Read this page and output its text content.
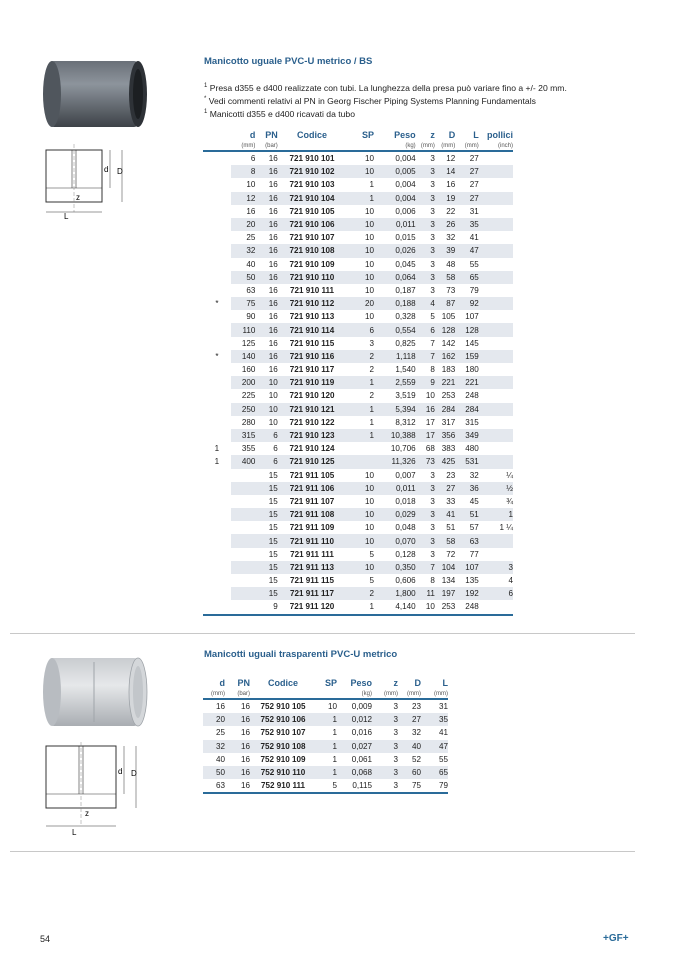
d D
z
L
Manicotto uguale PVC-U metrico / BS
$^1$ Presa d355 e d400 realizzate con tubi. La lunghezza della presa può variare fino a +/- 20 mm.
* Vedi commenti relativi al PN in Georg Fischer Piping Systems Planning Fundamentals
$^1$ Manicotti d355 e d400 ricavati da tubo
	d	PN	Codice	SP	Peso	z	D	L	pollici
	(mm)	(bar)			(kg)	(mm)	(mm)	(mm)	(inch)
	6	16	721 910 101	10	0,004	3	12	27	
	8	16	721 910 102	10	0,005	3	14	27	
	10	16	721 910 103	1	0,004	3	16	27	
	12	16	721 910 104	1	0,004	3	19	27	
	16	16	721 910 105	10	0,006	3	22	31	
	20	16	721 910 106	10	0,011	3	26	35	
	25	16	721 910 107	10	0,015	3	32	41	
	32	16	721 910 108	10	0,026	3	39	47	
	40	16	721 910 109	10	0,045	3	48	55	
	50	16	721 910 110	10	0,064	3	58	65	
	63	16	721 910 111	10	0,187	3	73	79	
*	75	16	721 910 112	20	0,188	4	87	92	
	90	16	721 910 113	10	0,328	5	105	107	
	110	16	721 910 114	6	0,554	6	128	128	
	125	16	721 910 115	3	0,825	7	142	145	
*	140	16	721 910 116	2	1,118	7	162	159	
	160	16	721 910 117	2	1,540	8	183	180	
	200	10	721 910 119	1	2,559	9	221	221	
	225	10	721 910 120	2	3,519	10	253	248	
	250	10	721 910 121	1	5,394	16	284	284	
	280	10	721 910 122	1	8,312	17	317	315	
	315	6	721 910 123	1	10,388	17	356	349	
1	355	6	721 910 124		10,706	68	383	480	
1	400	6	721 910 125		11,326	73	425	531	
		15	721 911 105	10	0,007	3	23	32	¼
		15	721 911 106	10	0,011	3	27	36	½
		15	721 911 107	10	0,018	3	33	45	¾
		15	721 911 108	10	0,029	3	41	51	1
		15	721 911 109	10	0,048	3	51	57	1 ¼
		15	721 911 110	10	0,070	3	58	63	
		15	721 911 111	5	0,128	3	72	77	
		15	721 911 113	10	0,350	7	104	107	3
		15	721 911 115	5	0,606	8	134	135	4
		15	721 911 117	2	1,800	11	197	192	6
		9	721 911 120	1	4,140	10	253	248	
d D
z
L
Manicotti uguali trasparenti PVC-U metrico
d	PN	Codice	SP	Peso	z	D	L
(mm)	(bar)			(kg)	(mm)	(mm)	(mm)
16	16	752 910 105	10	0,009	3	23	31
20	16	752 910 106	1	0,012	3	27	35
25	16	752 910 107	1	0,016	3	32	41
32	16	752 910 108	1	0,027	3	40	47
40	16	752 910 109	1	0,061	3	52	55
50	16	752 910 110	1	0,068	3	60	65
63	16	752 910 111	5	0,115	3	75	79
54	+GF+
